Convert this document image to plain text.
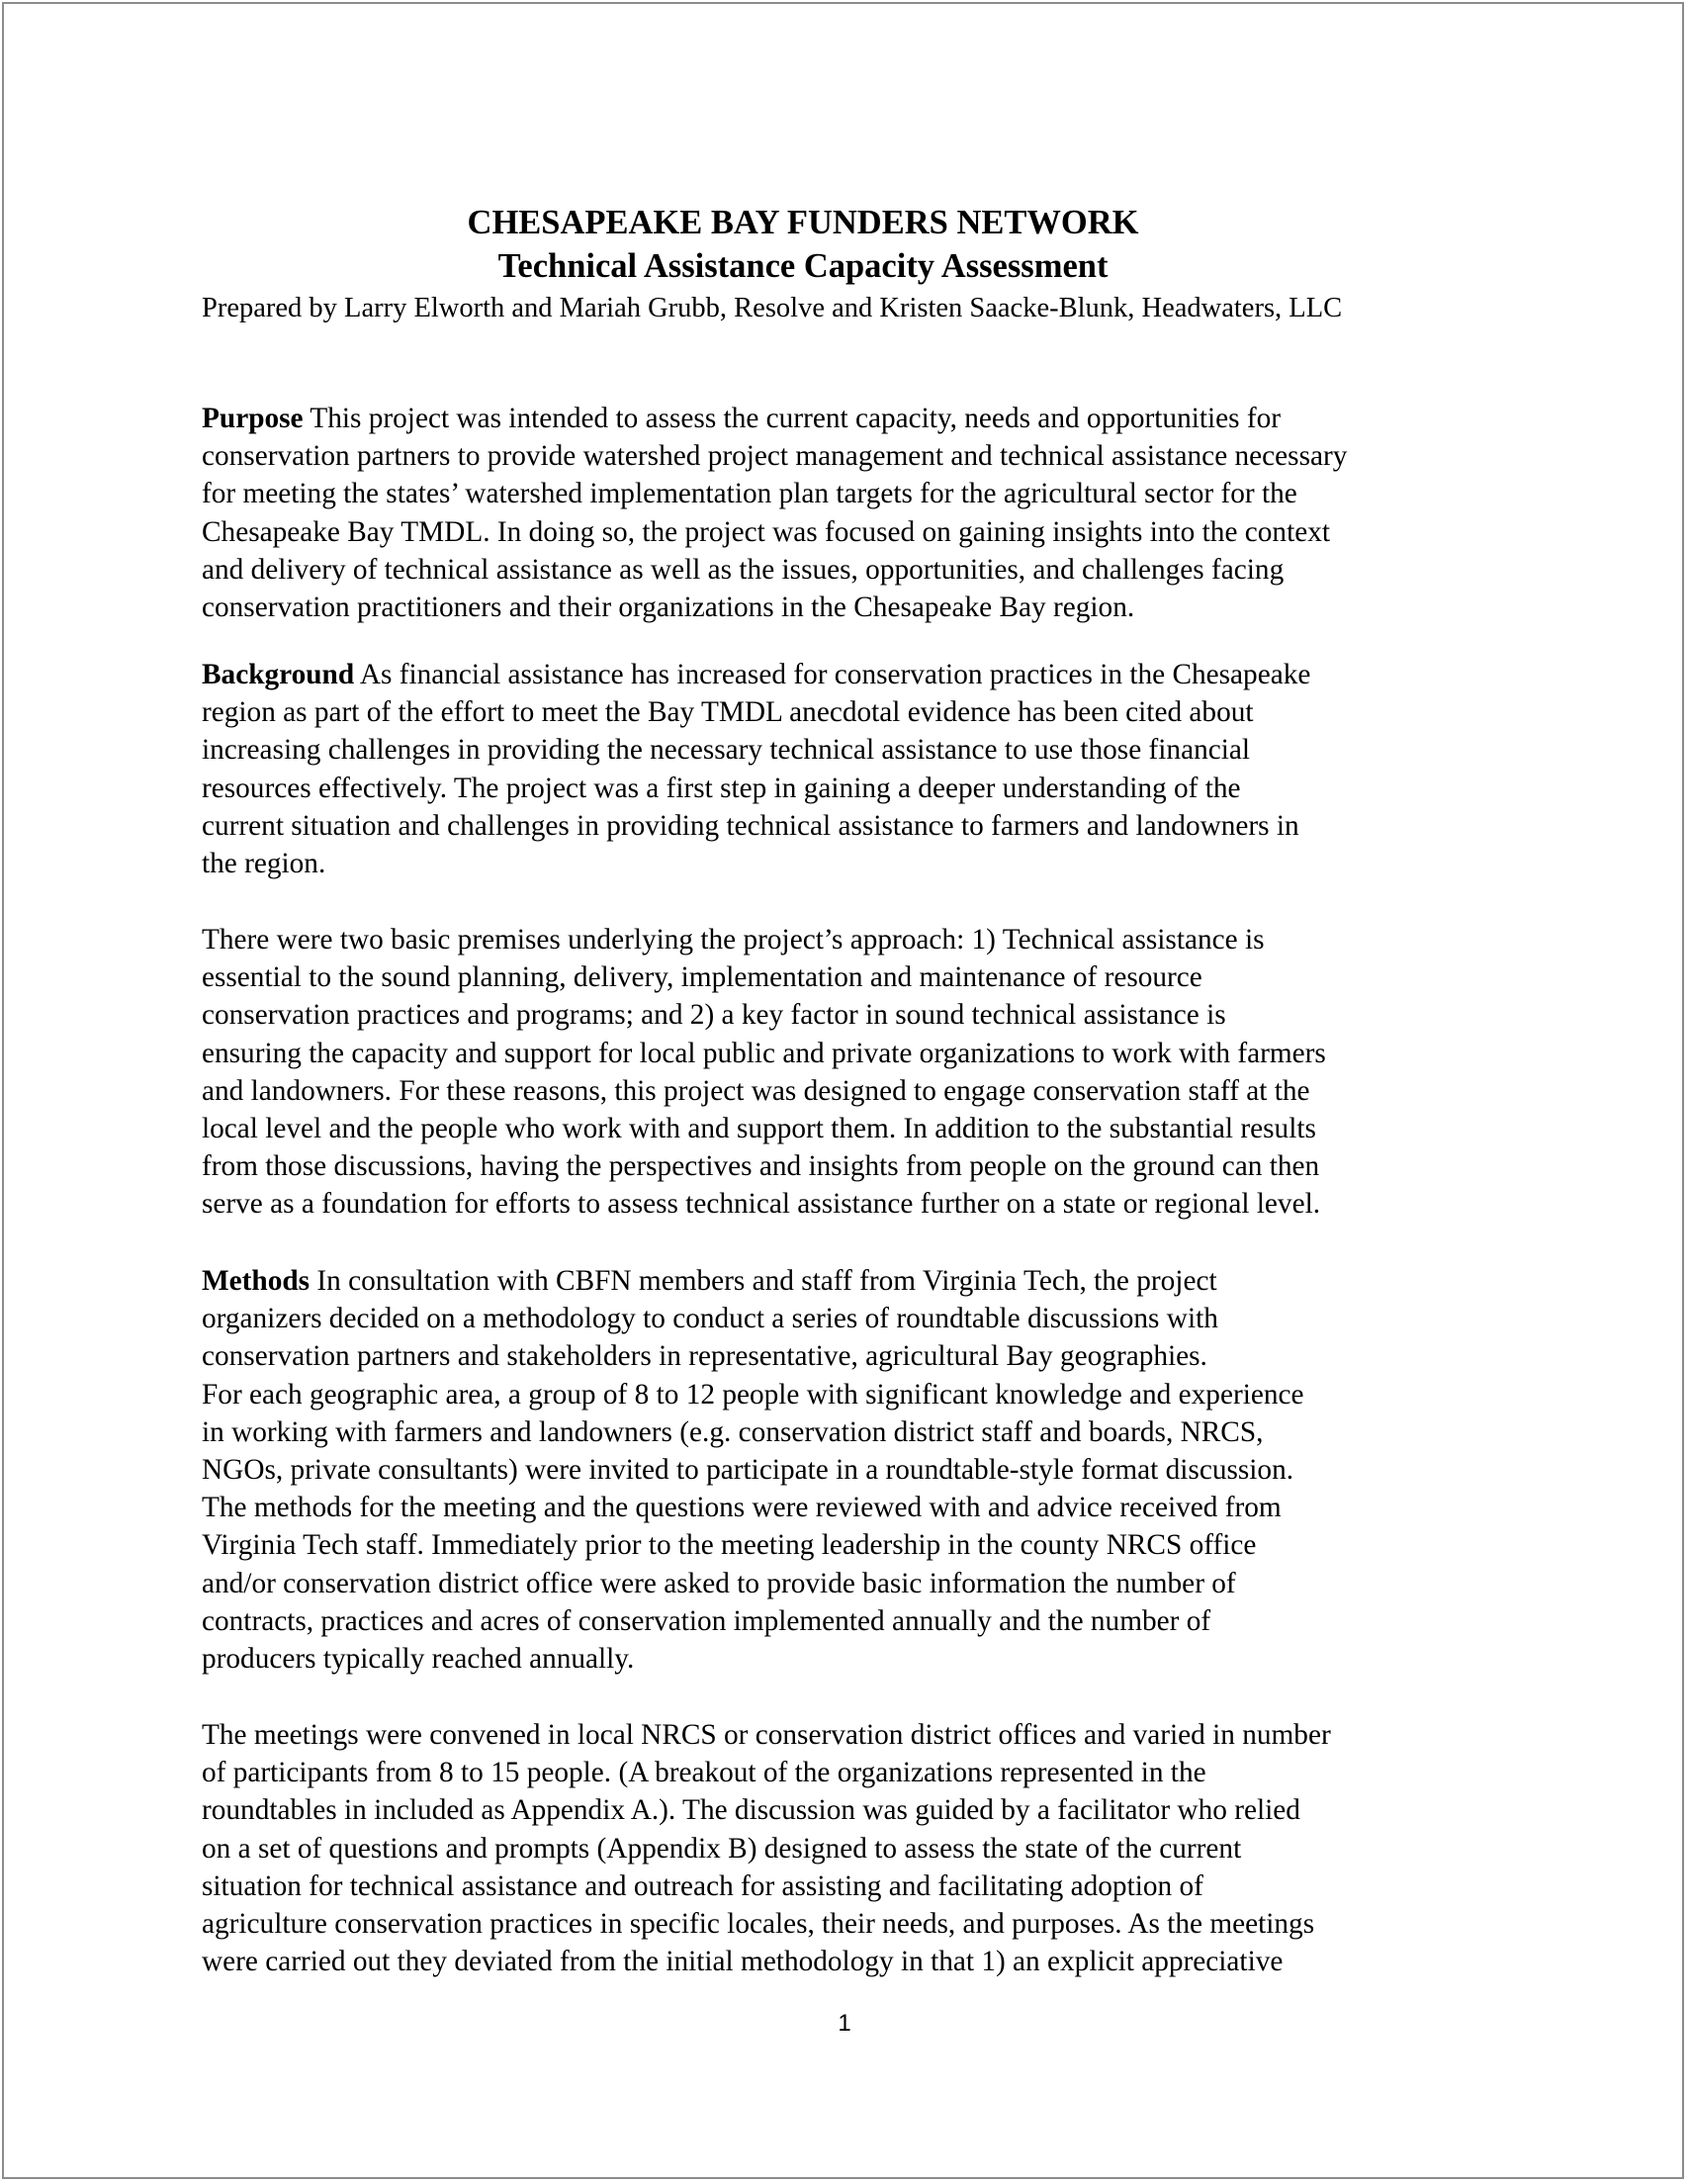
CHESAPEAKE BAY FUNDERS NETWORK
Technical Assistance Capacity Assessment
Prepared by Larry Elworth and Mariah Grubb, Resolve and Kristen Saacke-Blunk, Headwaters, LLC
Purpose This project was intended to assess the current capacity, needs and opportunities for
conservation partners to provide watershed project management and technical assistance necessary
for meeting the states’ watershed implementation plan targets for the agricultural sector for the
Chesapeake Bay TMDL. In doing so, the project was focused on gaining insights into the context
and delivery of technical assistance as well as the issues, opportunities, and challenges facing
conservation practitioners and their organizations in the Chesapeake Bay region.
Background As financial assistance has increased for conservation practices in the Chesapeake
region as part of the effort to meet the Bay TMDL anecdotal evidence has been cited about
increasing challenges in providing the necessary technical assistance to use those financial
resources effectively. The project was a first step in gaining a deeper understanding of the
current situation and challenges in providing technical assistance to farmers and landowners in
the region.
There were two basic premises underlying the project’s approach: 1) Technical assistance is
essential to the sound planning, delivery, implementation and maintenance of resource
conservation practices and programs; and 2) a key factor in sound technical assistance is
ensuring the capacity and support for local public and private organizations to work with farmers
and landowners. For these reasons, this project was designed to engage conservation staff at the
local level and the people who work with and support them. In addition to the substantial results
from those discussions, having the perspectives and insights from people on the ground can then
serve as a foundation for efforts to assess technical assistance further on a state or regional level.
Methods In consultation with CBFN members and staff from Virginia Tech, the project
organizers decided on a methodology to conduct a series of roundtable discussions with
conservation partners and stakeholders in representative, agricultural Bay geographies.
For each geographic area, a group of 8 to 12 people with significant knowledge and experience
in working with farmers and landowners (e.g. conservation district staff and boards, NRCS,
NGOs, private consultants) were invited to participate in a roundtable-style format discussion.
The methods for the meeting and the questions were reviewed with and advice received from
Virginia Tech staff. Immediately prior to the meeting leadership in the county NRCS office
and/or conservation district office were asked to provide basic information the number of
contracts, practices and acres of conservation implemented annually and the number of
producers typically reached annually.
The meetings were convened in local NRCS or conservation district offices and varied in number
of participants from 8 to 15 people. (A breakout of the organizations represented in the
roundtables in included as Appendix A.). The discussion was guided by a facilitator who relied
on a set of questions and prompts (Appendix B) designed to assess the state of the current
situation for technical assistance and outreach for assisting and facilitating adoption of
agriculture conservation practices in specific locales, their needs, and purposes. As the meetings
were carried out they deviated from the initial methodology in that 1) an explicit appreciative
1
